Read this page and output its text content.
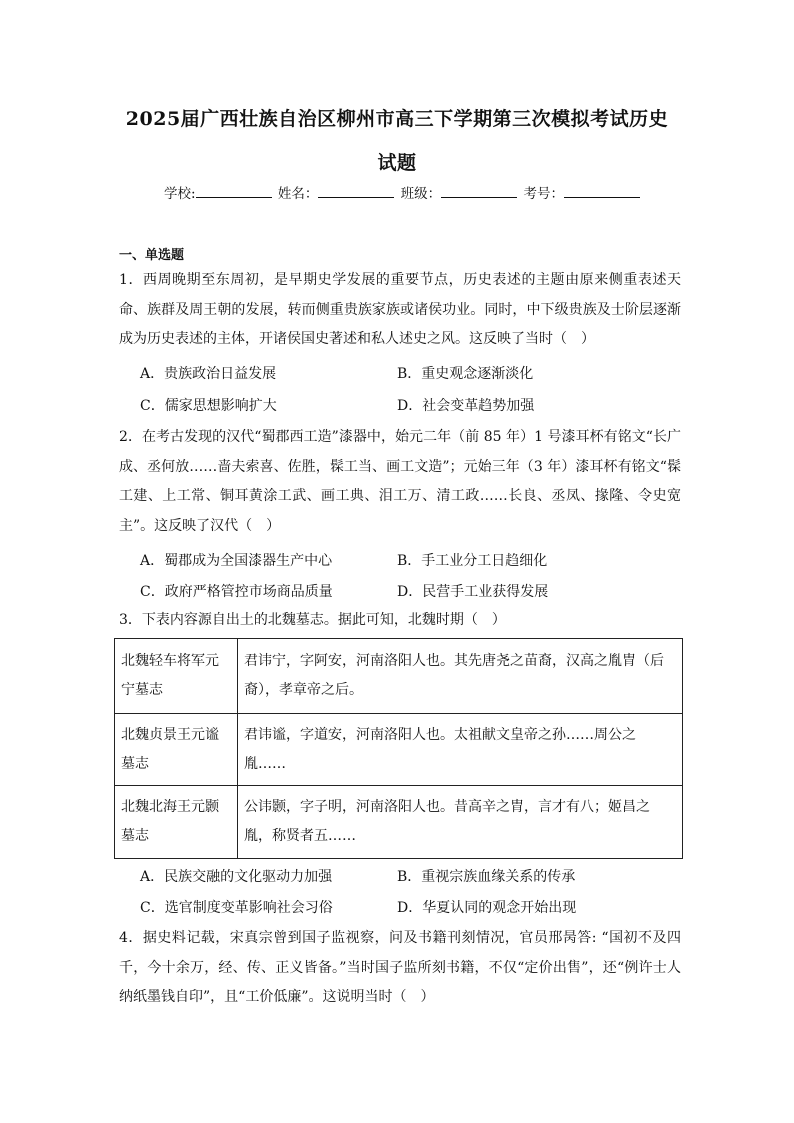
2025届广西壮族自治区柳州市高三下学期第三次模拟考试历史
试题
学校:	姓名：	班级：	考号：
一、单选题
1．西周晚期至东周初，是早期史学发展的重要节点，历史表述的主题由原来侧重表述天命、族群及周王朝的发展，转而侧重贵族家族或诸侯功业。同时，中下级贵族及士阶层逐渐成为历史表述的主体，开诸侯国史著述和私人述史之风。这反映了当时（　）
A．贵族政治日益发展	B．重史观念逐渐淡化
C．儒家思想影响扩大	D．社会变革趋势加强
2．在考古发现的汉代“蜀郡西工造”漆器中，始元二年（前 85 年）1 号漆耳杯有铭文“长广成、丞何放……啬夫索喜、佐胜，髹工当、画工文造”；元始三年（3 年）漆耳杯有铭文“髹工建、上工常、铜耳黄涂工武、画工典、泪工万、清工政……长良、丞凤、掾隆、令史宽主”。这反映了汉代（　）
A．蜀郡成为全国漆器生产中心	B．手工业分工日趋细化
C．政府严格管控市场商品质量	D．民营手工业获得发展
3．下表内容源自出土的北魏墓志。据此可知，北魏时期（　）
北魏轻车将军元宁墓志	君讳宁，字阿安，河南洛阳人也。其先唐尧之苗裔，汉高之胤胄（后裔），孝章帝之后。
北魏贞景王元谧墓志	君讳谧，字道安，河南洛阳人也。太祖献文皇帝之孙……周公之胤……
北魏北海王元颢墓志	公讳颢，字子明，河南洛阳人也。昔高辛之胄，言才有八；姬昌之胤，称贤者五……
A．民族交融的文化驱动力加强	B．重视宗族血缘关系的传承
C．选官制度变革影响社会习俗	D．华夏认同的观念开始出现
4．据史料记载，宋真宗曾到国子监视察，问及书籍刊刻情况，官员邢昺答: “国初不及四千，今十余万，经、传、正义皆备。”当时国子监所刻书籍，不仅“定价出售”，还“例许士人纳纸墨钱自印”，且“工价低廉”。这说明当时（　）
